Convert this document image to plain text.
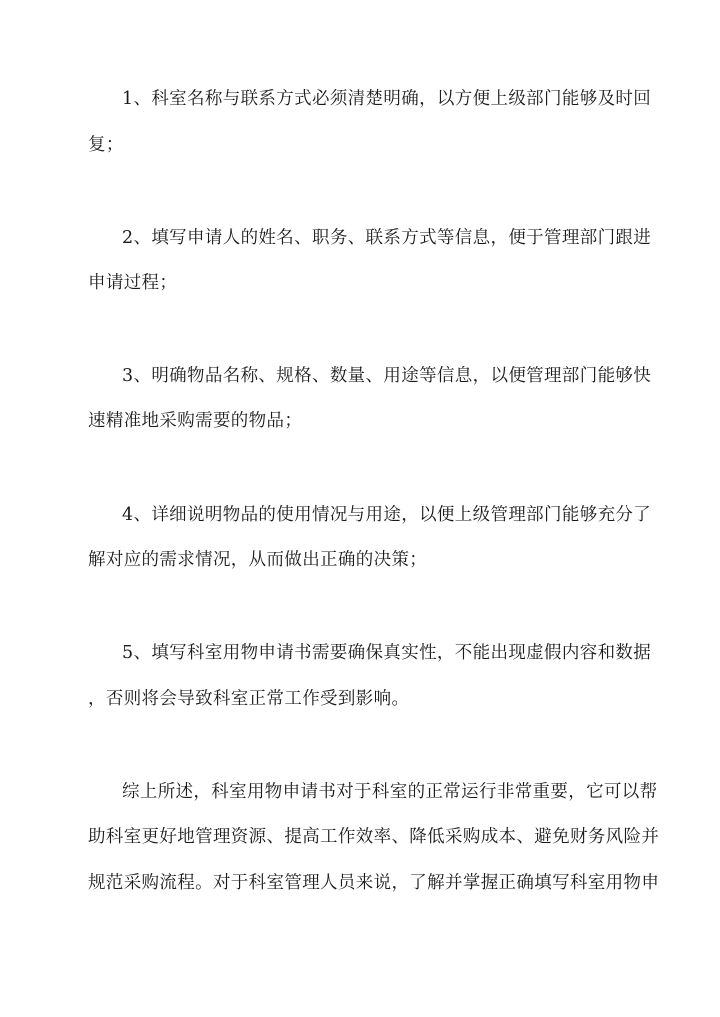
1、科室名称与联系方式必须清楚明确，以方便上级部门能够及时回
复；
2、填写申请人的姓名、职务、联系方式等信息，便于管理部门跟进
申请过程；
3、明确物品名称、规格、数量、用途等信息，以便管理部门能够快
速精准地采购需要的物品；
4、详细说明物品的使用情况与用途，以便上级管理部门能够充分了
解对应的需求情况，从而做出正确的决策；
5、填写科室用物申请书需要确保真实性，不能出现虚假内容和数据
，否则将会导致科室正常工作受到影响。
综上所述，科室用物申请书对于科室的正常运行非常重要，它可以帮
助科室更好地管理资源、提高工作效率、降低采购成本、避免财务风险并
规范采购流程。对于科室管理人员来说，了解并掌握正确填写科室用物申
